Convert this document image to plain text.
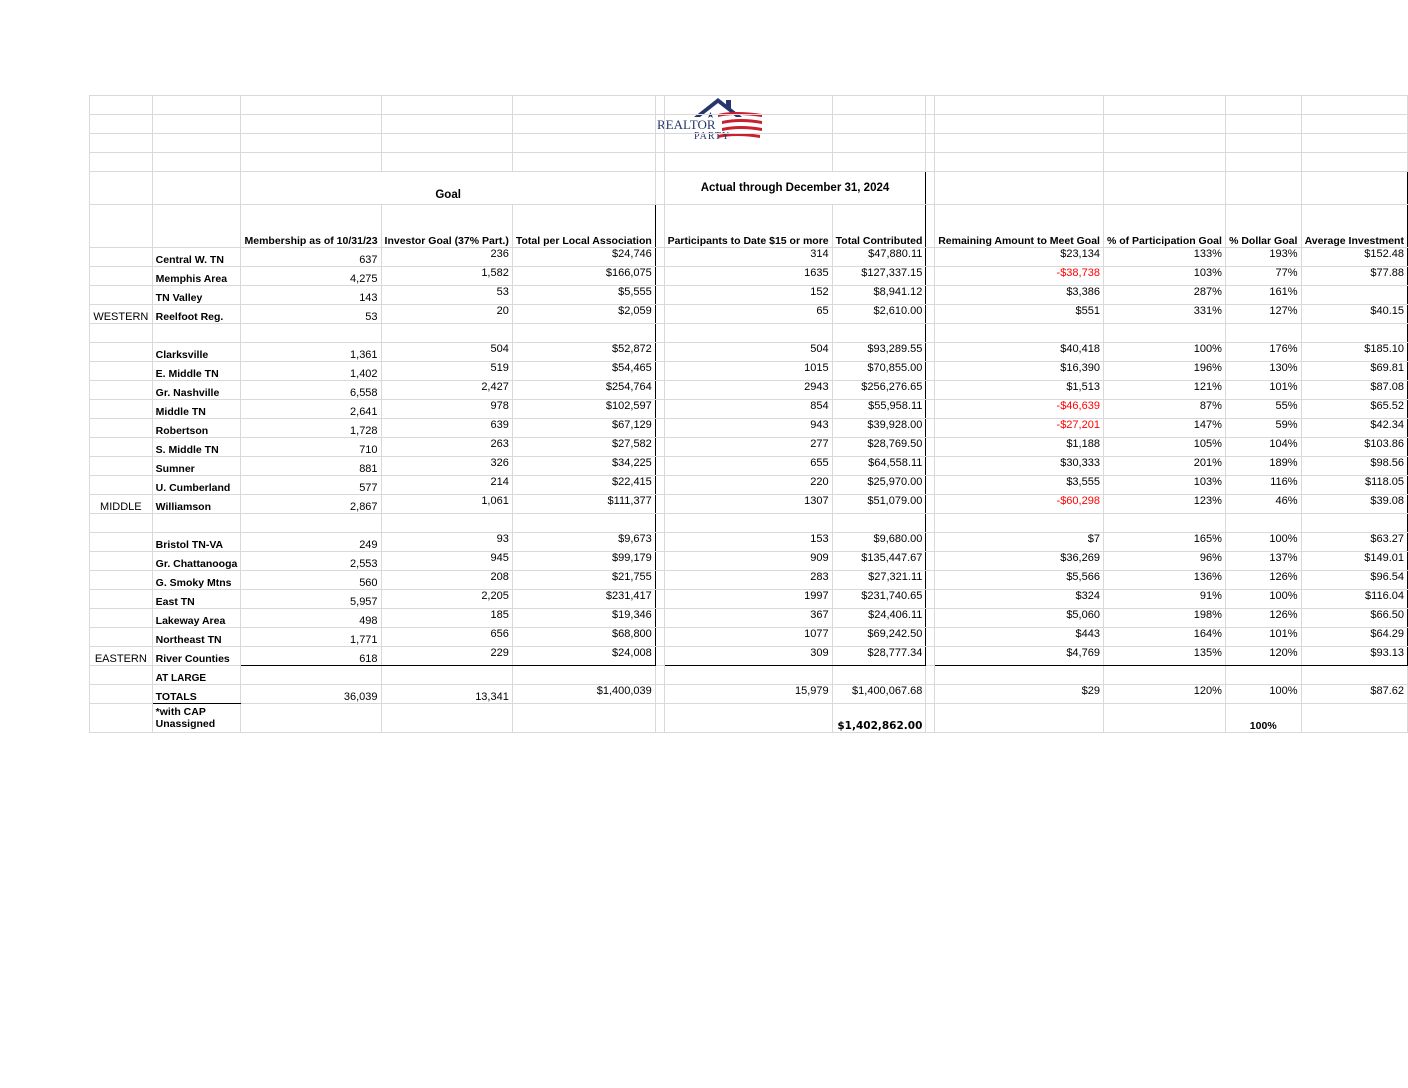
REALTOR
PARTY

		Goal				Actual through December 31, 2024						

		Membership as of 10/31/23	Investor Goal (37% Part.)	Total per Local Association		Participants to Date $15 or more	Total Contributed		Remaining Amount to Meet Goal	% of Participation Goal	% Dollar Goal	Average Investment
	Central W. TN	637	236	$24,746		314	$47,880.11		$23,134	133%	193%	$152.48
	Memphis Area	4,275	1,582	$166,075		1635	$127,337.15		-$38,738	103%	77%	$77.88
	TN Valley	143	53	$5,555		152	$8,941.12		$3,386	287%	161%	
WESTERN	Reelfoot Reg.	53	20	$2,059		65	$2,610.00		$551	331%	127%	$40.15

	Clarksville	1,361	504	$52,872		504	$93,289.55		$40,418	100%	176%	$185.10
	E. Middle TN	1,402	519	$54,465		1015	$70,855.00		$16,390	196%	130%	$69.81
	Gr. Nashville	6,558	2,427	$254,764		2943	$256,276.65		$1,513	121%	101%	$87.08
	Middle TN	2,641	978	$102,597		854	$55,958.11		-$46,639	87%	55%	$65.52
	Robertson	1,728	639	$67,129		943	$39,928.00		-$27,201	147%	59%	$42.34
	S. Middle TN	710	263	$27,582		277	$28,769.50		$1,188	105%	104%	$103.86
	Sumner	881	326	$34,225		655	$64,558.11		$30,333	201%	189%	$98.56
	U. Cumberland	577	214	$22,415		220	$25,970.00		$3,555	103%	116%	$118.05
MIDDLE	Williamson	2,867	1,061	$111,377		1307	$51,079.00		-$60,298	123%	46%	$39.08

	Bristol TN-VA	249	93	$9,673		153	$9,680.00		$7	165%	100%	$63.27
	Gr. Chattanooga	2,553	945	$99,179		909	$135,447.67		$36,269	96%	137%	$149.01
	G. Smoky Mtns	560	208	$21,755		283	$27,321.11		$5,566	136%	126%	$96.54
	East TN	5,957	2,205	$231,417		1997	$231,740.65		$324	91%	100%	$116.04
	Lakeway Area	498	185	$19,346		367	$24,406.11		$5,060	198%	126%	$66.50
	Northeast TN	1,771	656	$68,800		1077	$69,242.50		$443	164%	101%	$64.29
EASTERN	River Counties	618	229	$24,008		309	$28,777.34		$4,769	135%	120%	$93.13
	AT LARGE											
	TOTALS	36,039	13,341	$1,400,039		15,979	$1,400,067.68		$29	120%	100%	$87.62

	*with CAP
Unassigned						$1,402,862.00				100%	
